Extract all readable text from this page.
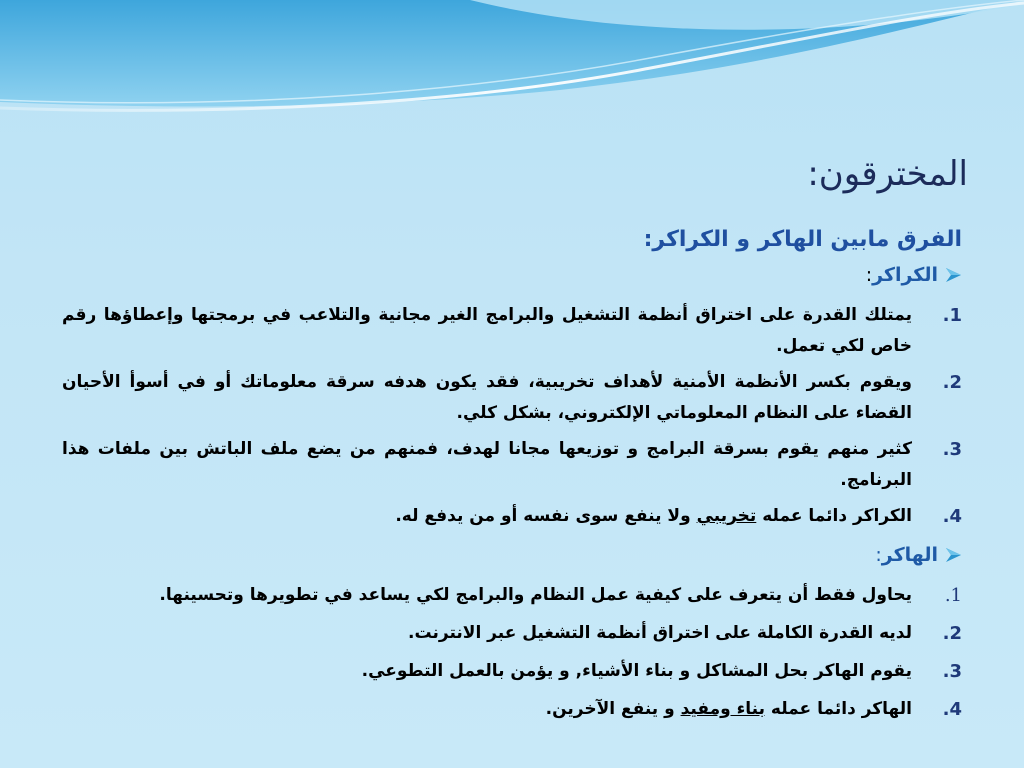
المخترقون:
الفرق مابين الهاكر و الكراكر:
الكراكر:
1.
يمتلك القدرة على اختراق أنظمة التشغيل والبرامج الغير مجانية والتلاعب في برمجتها وإعطاؤها رقم خاص لكي تعمل.
2.
ويقوم بكسر الأنظمة الأمنية لأهداف تخريبية، فقد يكون هدفه سرقة معلوماتك أو في أسوأ الأحيان القضاء على النظام المعلوماتي الإلكتروني، بشكل كلي.
3.
كثير منهم يقوم بسرقة البرامج و توزيعها مجانا لهدف، فمنهم من يضع ملف الباتش بين ملفات هذا البرنامج.
4.
الكراكر دائما عمله تخريبي ولا ينفع سوى نفسه أو من يدفع له.
الهاكر:
1.
يحاول فقط أن يتعرف على كيفية عمل النظام والبرامج لكي يساعد في تطويرها وتحسينها.
2.
لديه القدرة الكاملة على اختراق أنظمة التشغيل عبر الانترنت.
3.
يقوم الهاكر بحل المشاكل و بناء الأشياء, و يؤمن بالعمل التطوعي.
4.
الهاكر دائما عمله بناء ومفيد و ينفع الآخرين.
